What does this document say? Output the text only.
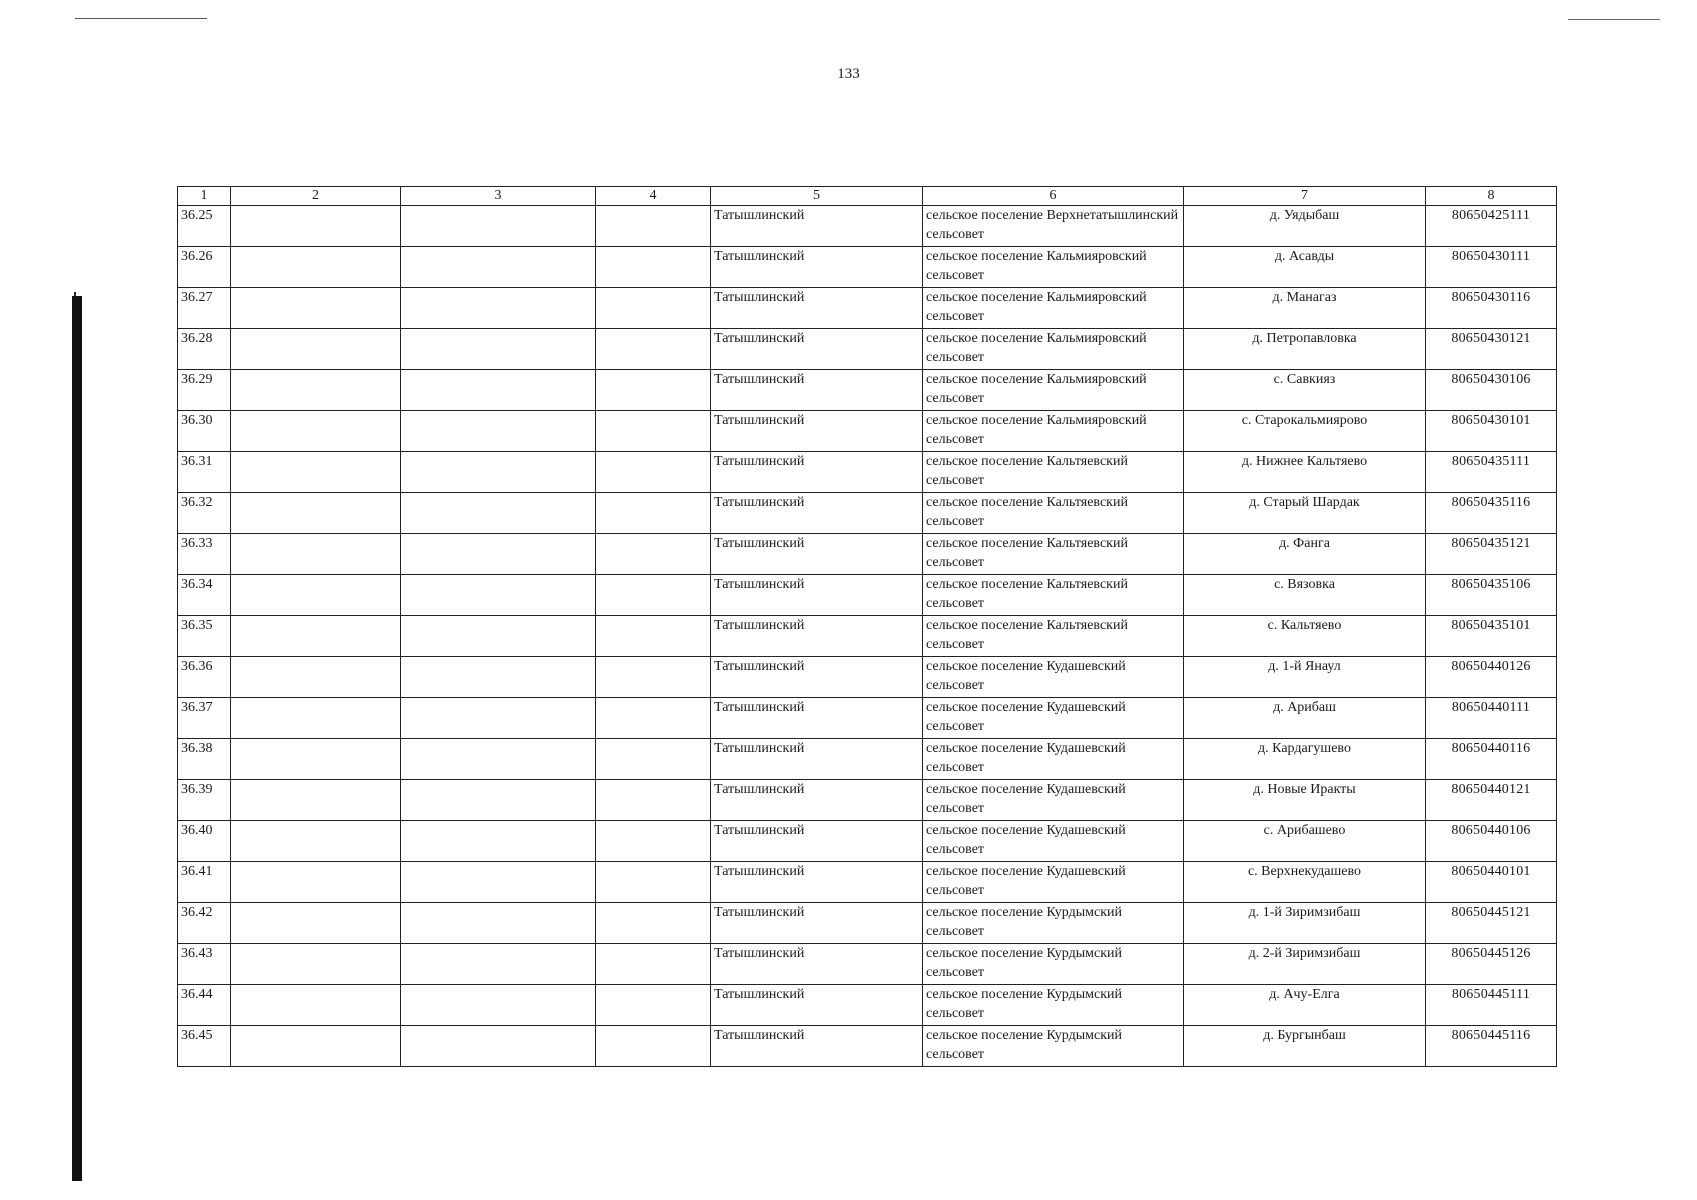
133
1	2	3	4	5	6	7	8
36.25				Татышлинский	сельское поселение Верхнетатышлинский сельсовет	д. Уядыбаш	80650425111
36.26				Татышлинский	сельское поселение Кальмияровский сельсовет	д. Асавды	80650430111
36.27				Татышлинский	сельское поселение Кальмияровский сельсовет	д. Манагаз	80650430116
36.28				Татышлинский	сельское поселение Кальмияровский сельсовет	д. Петропавловка	80650430121
36.29				Татышлинский	сельское поселение Кальмияровский сельсовет	с. Савкияз	80650430106
36.30				Татышлинский	сельское поселение Кальмияровский сельсовет	с. Старокальмиярово	80650430101
36.31				Татышлинский	сельское поселение Кальтяевский сельсовет	д. Нижнее Кальтяево	80650435111
36.32				Татышлинский	сельское поселение Кальтяевский сельсовет	д. Старый Шардак	80650435116
36.33				Татышлинский	сельское поселение Кальтяевский сельсовет	д. Фанга	80650435121
36.34				Татышлинский	сельское поселение Кальтяевский сельсовет	с. Вязовка	80650435106
36.35				Татышлинский	сельское поселение Кальтяевский сельсовет	с. Кальтяево	80650435101
36.36				Татышлинский	сельское поселение Кудашевский сельсовет	д. 1-й Янаул	80650440126
36.37				Татышлинский	сельское поселение Кудашевский сельсовет	д. Арибаш	80650440111
36.38				Татышлинский	сельское поселение Кудашевский сельсовет	д. Кардагушево	80650440116
36.39				Татышлинский	сельское поселение Кудашевский сельсовет	д. Новые Иракты	80650440121
36.40				Татышлинский	сельское поселение Кудашевский сельсовет	с. Арибашево	80650440106
36.41				Татышлинский	сельское поселение Кудашевский сельсовет	с. Верхнекудашево	80650440101
36.42				Татышлинский	сельское поселение Курдымский сельсовет	д. 1-й Зиримзибаш	80650445121
36.43				Татышлинский	сельское поселение Курдымский сельсовет	д. 2-й Зиримзибаш	80650445126
36.44				Татышлинский	сельское поселение Курдымский сельсовет	д. Ачу-Елга	80650445111
36.45				Татышлинский	сельское поселение Курдымский сельсовет	д. Бургынбаш	80650445116
